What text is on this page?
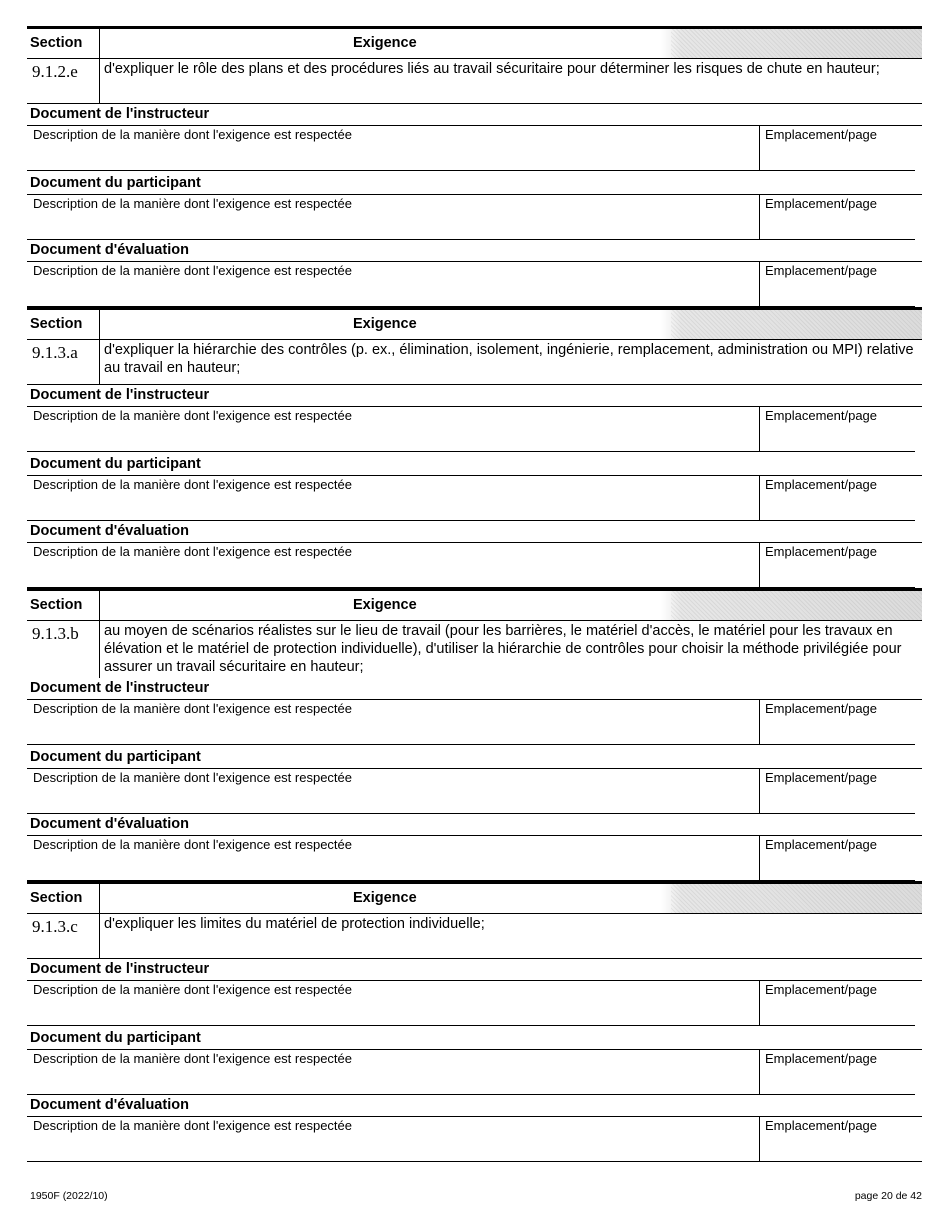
Section	Exigence
9.1.2.e	d'expliquer le rôle des plans et des procédures liés au travail sécuritaire pour déterminer les risques de chute en hauteur;
Document de l'instructeur
Description de la manière dont l'exigence est respectée	Emplacement/page
Document du participant
Description de la manière dont l'exigence est respectée	Emplacement/page
Document d'évaluation
Description de la manière dont l'exigence est respectée	Emplacement/page
Section	Exigence
9.1.3.a	d'expliquer la hiérarchie des contrôles (p. ex., élimination, isolement, ingénierie, remplacement, administration ou MPI) relative au travail en hauteur;
Document de l'instructeur
Description de la manière dont l'exigence est respectée	Emplacement/page
Document du participant
Description de la manière dont l'exigence est respectée	Emplacement/page
Document d'évaluation
Description de la manière dont l'exigence est respectée	Emplacement/page
Section	Exigence
9.1.3.b	au moyen de scénarios réalistes sur le lieu de travail (pour les barrières, le matériel d'accès, le matériel pour les travaux en élévation et le matériel de protection individuelle), d'utiliser la hiérarchie de contrôles pour choisir la méthode privilégiée pour assurer un travail sécuritaire en hauteur;
Document de l'instructeur
Description de la manière dont l'exigence est respectée	Emplacement/page
Document du participant
Description de la manière dont l'exigence est respectée	Emplacement/page
Document d'évaluation
Description de la manière dont l'exigence est respectée	Emplacement/page
Section	Exigence
9.1.3.c	d'expliquer les limites du matériel de protection individuelle;
Document de l'instructeur
Description de la manière dont l'exigence est respectée	Emplacement/page
Document du participant
Description de la manière dont l'exigence est respectée	Emplacement/page
Document d'évaluation
Description de la manière dont l'exigence est respectée	Emplacement/page
1950F (2022/10)	page 20 de 42
